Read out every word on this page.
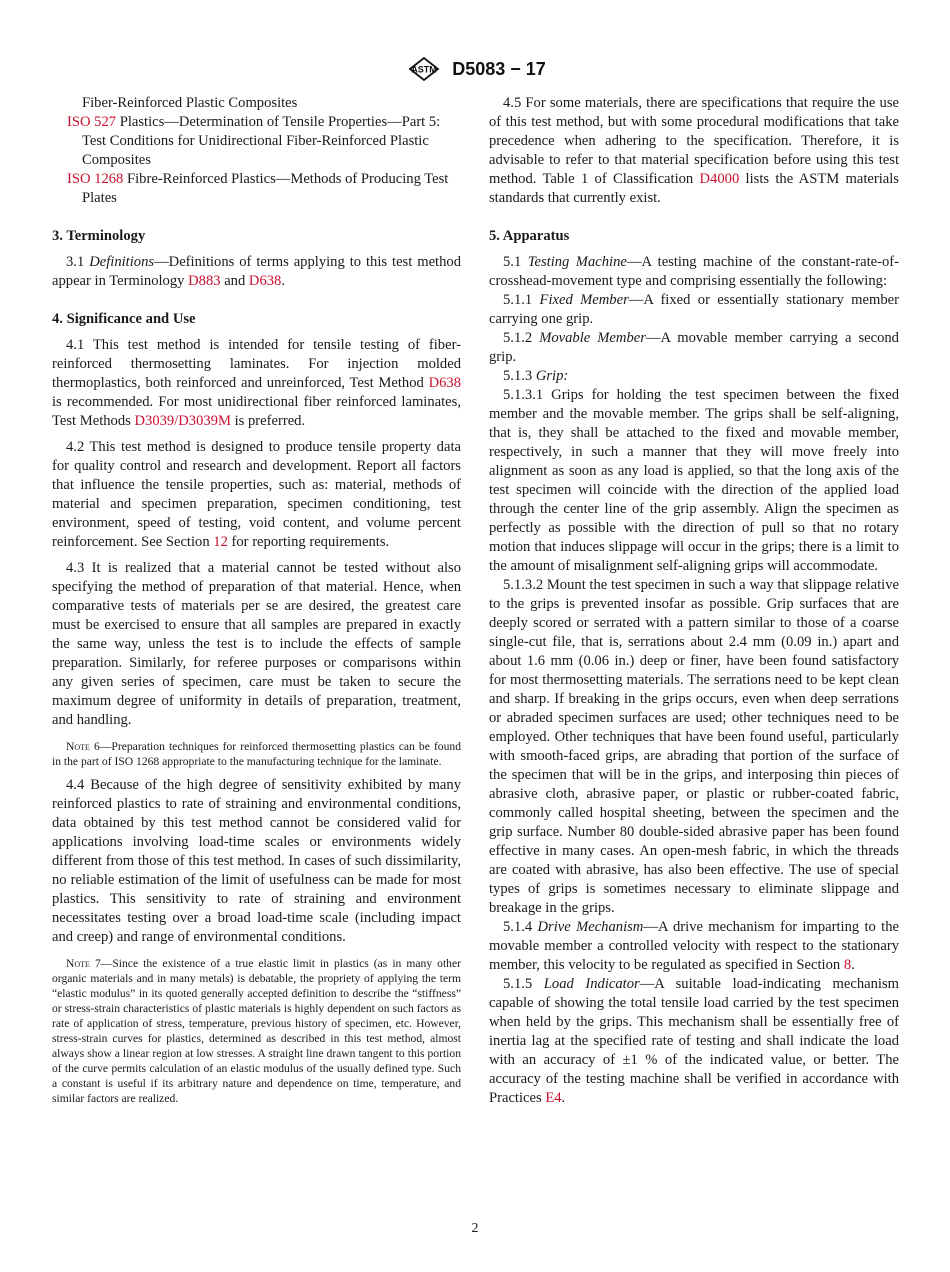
ASTM D5083 − 17

Fiber-Reinforced Plastic Composites

ISO 527 Plastics—Determination of Tensile Properties—Part 5: Test Conditions for Unidirectional Fiber-Reinforced Plastic Composites

ISO 1268 Fibre-Reinforced Plastics—Methods of Producing Test Plates

3. Terminology

3.1 Definitions—Definitions of terms applying to this test method appear in Terminology D883 and D638.

4. Significance and Use

4.1 This test method is intended for tensile testing of fiber-reinforced thermosetting laminates. For injection molded thermoplastics, both reinforced and unreinforced, Test Method D638 is recommended. For most unidirectional fiber reinforced laminates, Test Methods D3039/D3039M is preferred.

4.2 This test method is designed to produce tensile property data for quality control and research and development. Report all factors that influence the tensile properties, such as: material, methods of material and specimen preparation, specimen conditioning, test environment, speed of testing, void content, and volume percent reinforcement. See Section 12 for reporting requirements.

4.3 It is realized that a material cannot be tested without also specifying the method of preparation of that material. Hence, when comparative tests of materials per se are desired, the greatest care must be exercised to ensure that all samples are prepared in exactly the same way, unless the test is to include the effects of sample preparation. Similarly, for referee purposes or comparisons within any given series of specimen, care must be taken to secure the maximum degree of uniformity in details of preparation, treatment, and handling.

Note 6—Preparation techniques for reinforced thermosetting plastics can be found in the part of ISO 1268 appropriate to the manufacturing technique for the laminate.

4.4 Because of the high degree of sensitivity exhibited by many reinforced plastics to rate of straining and environmental conditions, data obtained by this test method cannot be considered valid for applications involving load-time scales or environments widely different from those of this test method. In cases of such dissimilarity, no reliable estimation of the limit of usefulness can be made for most plastics. This sensitivity to rate of straining and environment necessitates testing over a broad load-time scale (including impact and creep) and range of environmental conditions.

Note 7—Since the existence of a true elastic limit in plastics (as in many other organic materials and in many metals) is debatable, the propriety of applying the term “elastic modulus” in its quoted generally accepted definition to describe the “stiffness” or stress-strain characteristics of plastic materials is highly dependent on such factors as rate of application of stress, temperature, previous history of specimen, etc. However, stress-strain curves for plastics, determined as described in this test method, almost always show a linear region at low stresses. A straight line drawn tangent to this portion of the curve permits calculation of an elastic modulus of the usually defined type. Such a constant is useful if its arbitrary nature and dependence on time, temperature, and similar factors are realized.

4.5 For some materials, there are specifications that require the use of this test method, but with some procedural modifications that take precedence when adhering to the specification. Therefore, it is advisable to refer to that material specification before using this test method. Table 1 of Classification D4000 lists the ASTM materials standards that currently exist.

5. Apparatus

5.1 Testing Machine—A testing machine of the constant-rate-of-crosshead-movement type and comprising essentially the following:

5.1.1 Fixed Member—A fixed or essentially stationary member carrying one grip.

5.1.2 Movable Member—A movable member carrying a second grip.

5.1.3 Grip:

5.1.3.1 Grips for holding the test specimen between the fixed member and the movable member. The grips shall be self-aligning, that is, they shall be attached to the fixed and movable member, respectively, in such a manner that they will move freely into alignment as soon as any load is applied, so that the long axis of the test specimen will coincide with the direction of the applied load through the center line of the grip assembly. Align the specimen as perfectly as possible with the direction of pull so that no rotary motion that induces slippage will occur in the grips; there is a limit to the amount of misalignment self-aligning grips will accommodate.

5.1.3.2 Mount the test specimen in such a way that slippage relative to the grips is prevented insofar as possible. Grip surfaces that are deeply scored or serrated with a pattern similar to those of a coarse single-cut file, that is, serrations about 2.4 mm (0.09 in.) apart and about 1.6 mm (0.06 in.) deep or finer, have been found satisfactory for most thermosetting materials. The serrations need to be kept clean and sharp. If breaking in the grips occurs, even when deep serrations or abraded specimen surfaces are used; other techniques need to be employed. Other techniques that have been found useful, particularly with smooth-faced grips, are abrading that portion of the surface of the specimen that will be in the grips, and interposing thin pieces of abrasive cloth, abrasive paper, or plastic or rubber-coated fabric, commonly called hospital sheeting, between the specimen and the grip surface. Number 80 double-sided abrasive paper has been found effective in many cases. An open-mesh fabric, in which the threads are coated with abrasive, has also been effective. The use of special types of grips is sometimes necessary to eliminate slippage and breakage in the grips.

5.1.4 Drive Mechanism—A drive mechanism for imparting to the movable member a controlled velocity with respect to the stationary member, this velocity to be regulated as specified in Section 8.

5.1.5 Load Indicator—A suitable load-indicating mechanism capable of showing the total tensile load carried by the test specimen when held by the grips. This mechanism shall be essentially free of inertia lag at the specified rate of testing and shall indicate the load with an accuracy of ±1 % of the indicated value, or better. The accuracy of the testing machine shall be verified in accordance with Practices E4.

2
